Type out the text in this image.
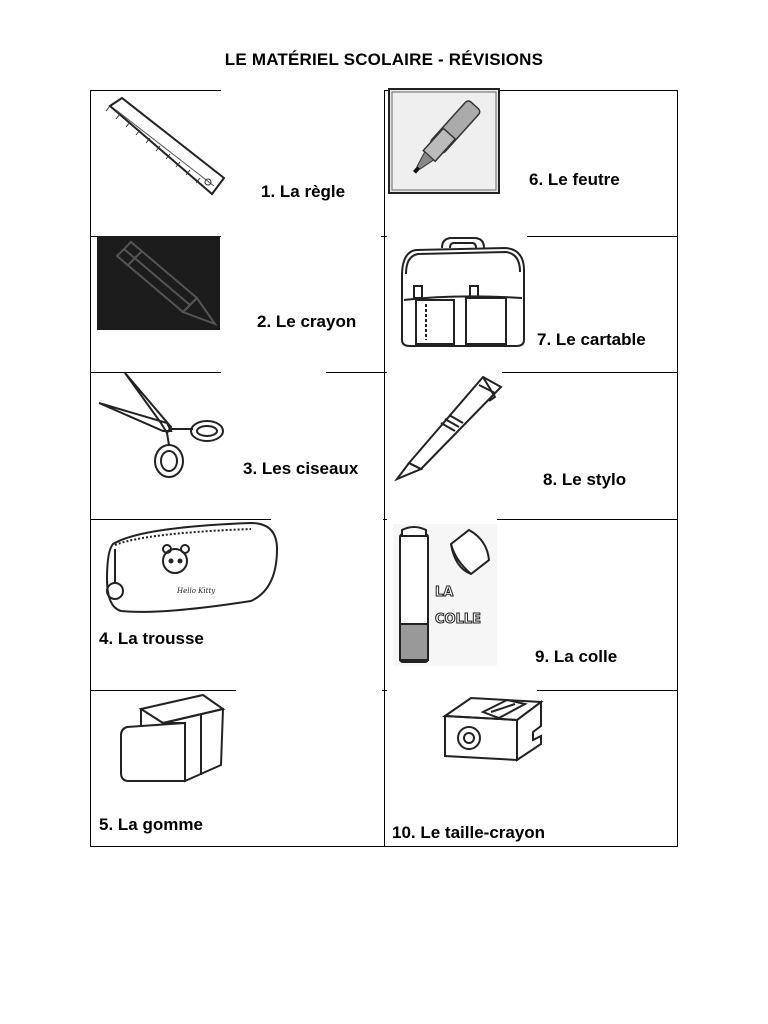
LE MATÉRIEL SCOLAIRE - RÉVISIONS
1. La règle
2. Le crayon
3. Les ciseaux
Hello Kitty
4. La trousse
5. La gomme
6. Le feutre
7. Le cartable
8. Le stylo
LA
COLLE
9. La colle
10. Le taille-crayon
